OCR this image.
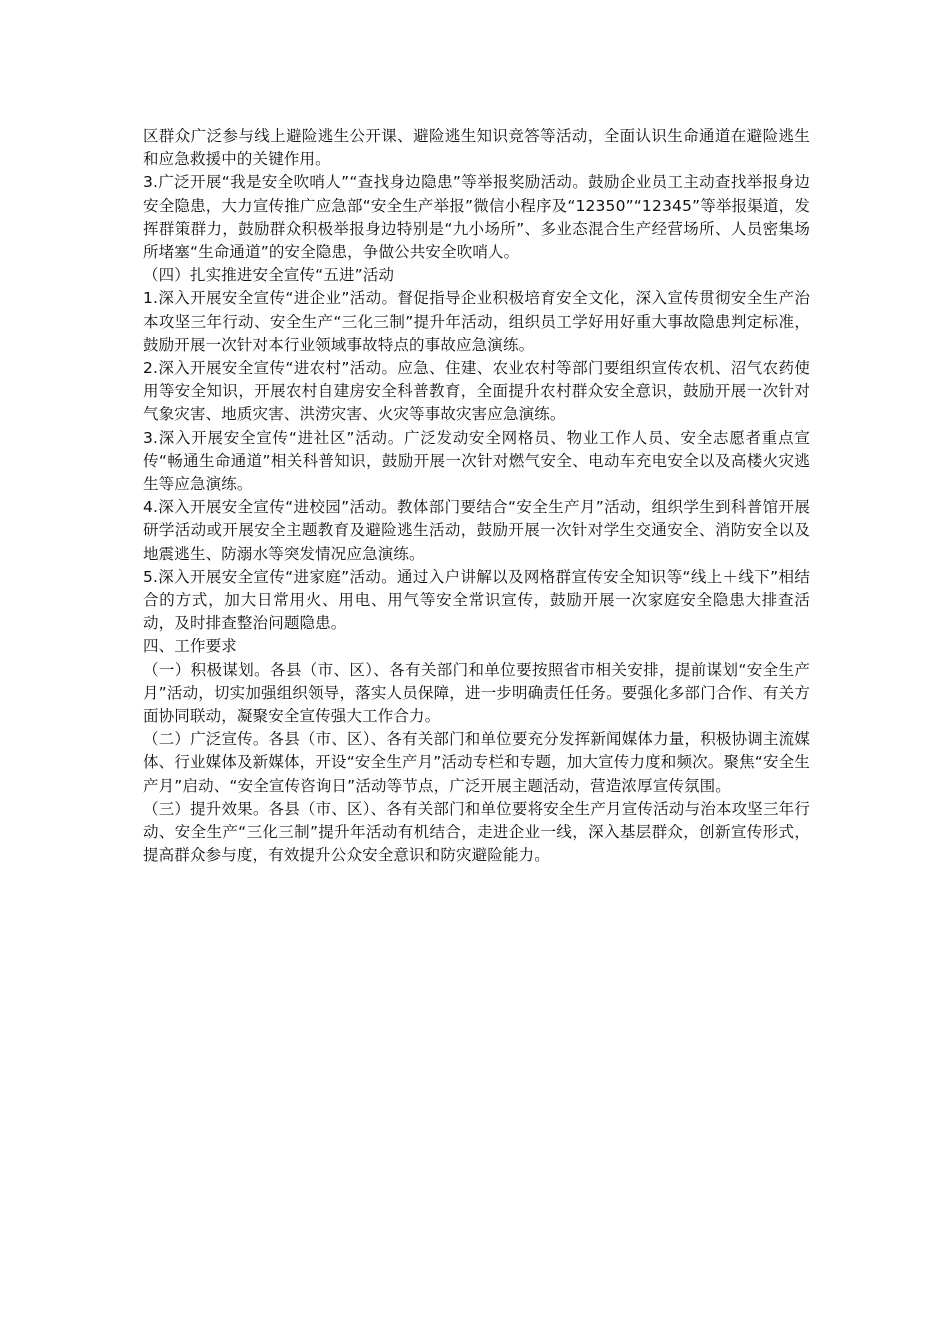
区群众广泛参与线上避险逃生公开课、避险逃生知识竞答等活动，全面认识生命通道在避险逃生和应急救援中的关键作用。

3.广泛开展“我是安全吹哨人”“查找身边隐患”等举报奖励活动。鼓励企业员工主动查找举报身边安全隐患，大力宣传推广应急部“安全生产举报”微信小程序及“12350”“12345”等举报渠道，发挥群策群力，鼓励群众积极举报身边特别是“九小场所”、多业态混合生产经营场所、人员密集场所堵塞“生命通道”的安全隐患，争做公共安全吹哨人。

（四）扎实推进安全宣传“五进”活动

1.深入开展安全宣传“进企业”活动。督促指导企业积极培育安全文化，深入宣传贯彻安全生产治本攻坚三年行动、安全生产“三化三制”提升年活动，组织员工学好用好重大事故隐患判定标准，鼓励开展一次针对本行业领域事故特点的事故应急演练。

2.深入开展安全宣传“进农村”活动。应急、住建、农业农村等部门要组织宣传农机、沼气农药使用等安全知识，开展农村自建房安全科普教育，全面提升农村群众安全意识，鼓励开展一次针对气象灾害、地质灾害、洪涝灾害、火灾等事故灾害应急演练。

3.深入开展安全宣传“进社区”活动。广泛发动安全网格员、物业工作人员、安全志愿者重点宣传“畅通生命通道”相关科普知识，鼓励开展一次针对燃气安全、电动车充电安全以及高楼火灾逃生等应急演练。

4.深入开展安全宣传“进校园”活动。教体部门要结合“安全生产月”活动，组织学生到科普馆开展研学活动或开展安全主题教育及避险逃生活动，鼓励开展一次针对学生交通安全、消防安全以及地震逃生、防溺水等突发情况应急演练。

5.深入开展安全宣传“进家庭”活动。通过入户讲解以及网格群宣传安全知识等“线上＋线下”相结合的方式，加大日常用火、用电、用气等安全常识宣传，鼓励开展一次家庭安全隐患大排查活动，及时排查整治问题隐患。

四、工作要求

（一）积极谋划。各县（市、区）、各有关部门和单位要按照省市相关安排，提前谋划“安全生产月”活动，切实加强组织领导，落实人员保障，进一步明确责任任务。要强化多部门合作、有关方面协同联动，凝聚安全宣传强大工作合力。

（二）广泛宣传。各县（市、区）、各有关部门和单位要充分发挥新闻媒体力量，积极协调主流媒体、行业媒体及新媒体，开设“安全生产月”活动专栏和专题，加大宣传力度和频次。聚焦“安全生产月”启动、“安全宣传咨询日”活动等节点，广泛开展主题活动，营造浓厚宣传氛围。

（三）提升效果。各县（市、区）、各有关部门和单位要将安全生产月宣传活动与治本攻坚三年行动、安全生产“三化三制”提升年活动有机结合，走进企业一线，深入基层群众，创新宣传形式，提高群众参与度，有效提升公众安全意识和防灾避险能力。
